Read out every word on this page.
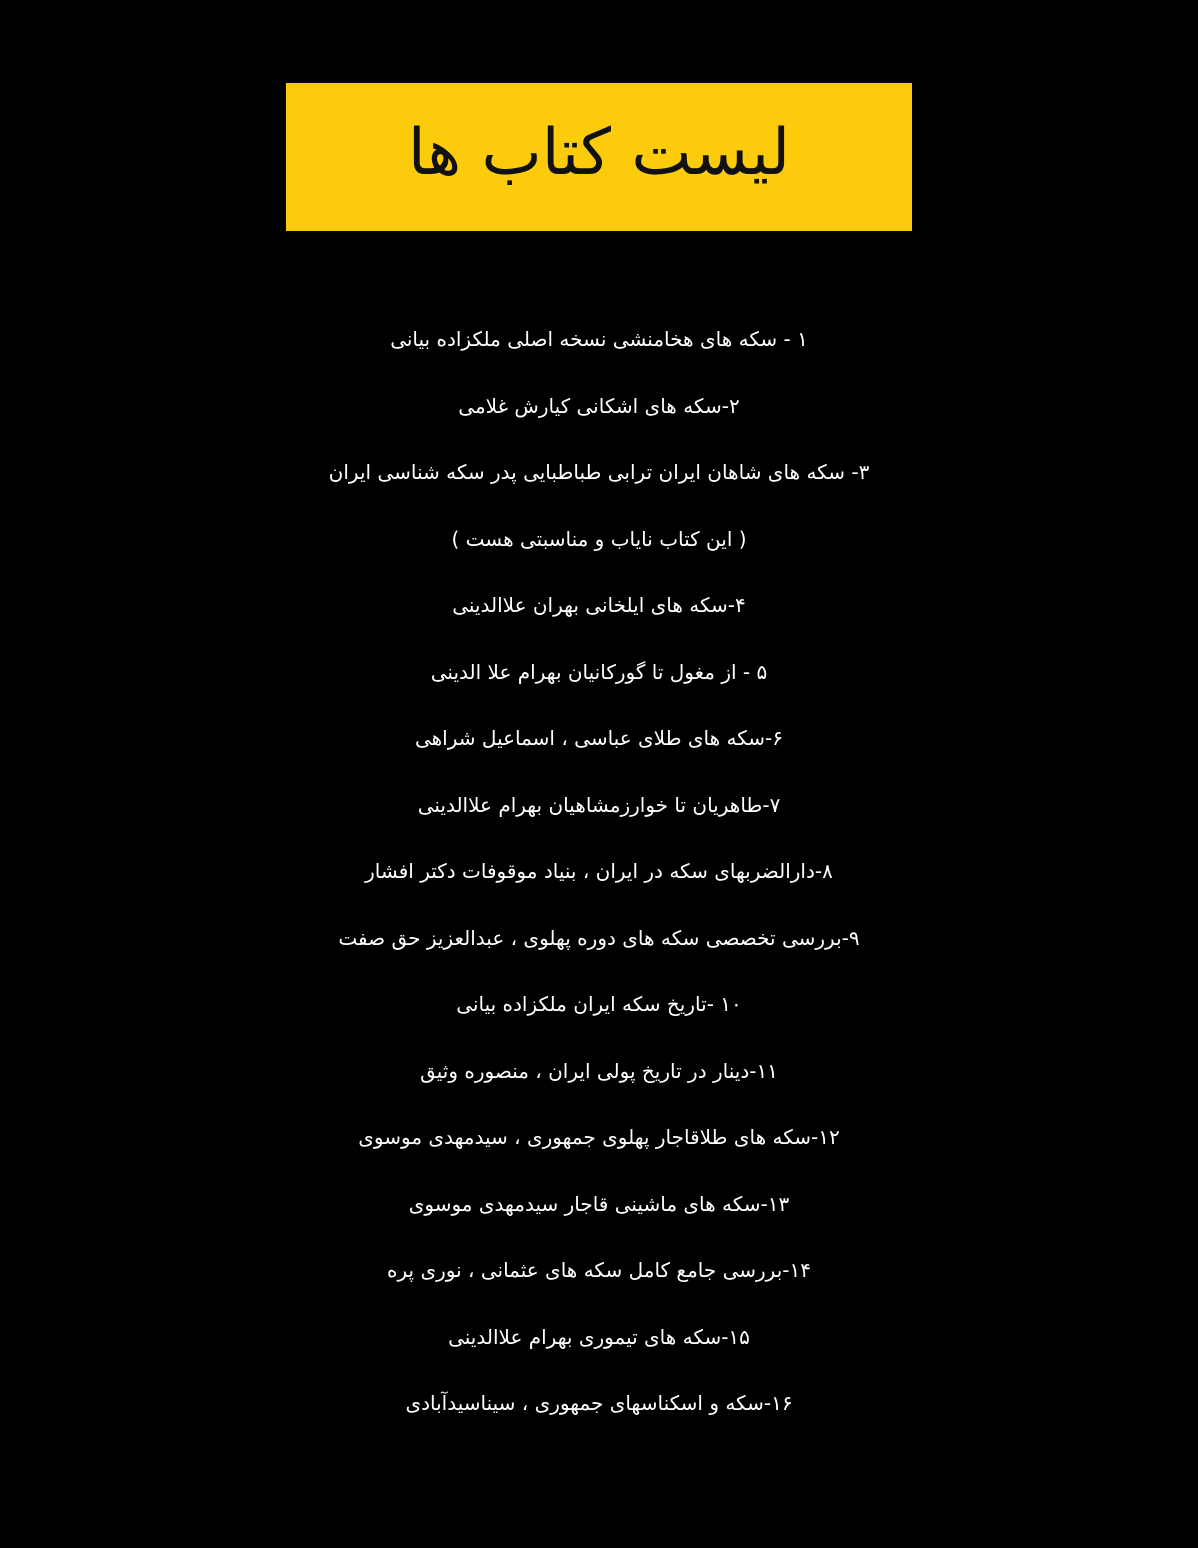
لیست کتاب ها
۱ - سکه های هخامنشی نسخه اصلی ملکزاده بیانی
۲-سکه های اشکانی کیارش غلامی
۳- سکه های شاهان ایران ترابی طباطبایی پدر سکه شناسی ایران
( این کتاب نایاب و مناسبتی هست )
۴-سکه های ایلخانی بهران علاالدینی
۵ - از مغول تا گورکانیان بهرام علا الدینی
۶-سکه های طلای عباسی ، اسماعیل شراهی
۷-طاهریان تا خوارزمشاهیان بهرام علاالدینی
۸-دارالضربهای سکه در ایران ، بنیاد موقوفات دکتر افشار
۹-بررسی تخصصی سکه های دوره پهلوی ، عبدالعزیز حق صفت
۱۰ -تاریخ سکه ایران ملکزاده بیانی
۱۱-دینار در تاریخ پولی ایران ، منصوره وثیق
۱۲-سکه های طلاقاجار پهلوی جمهوری ، سیدمهدی موسوی
۱۳-سکه های ماشینی قاجار سیدمهدی موسوی
۱۴-بررسی جامع کامل سکه های عثمانی ، نوری پره
۱۵-سکه های تیموری بهرام علاالدینی
۱۶-سکه و اسکناسهای جمهوری ، سیناسیدآبادی
